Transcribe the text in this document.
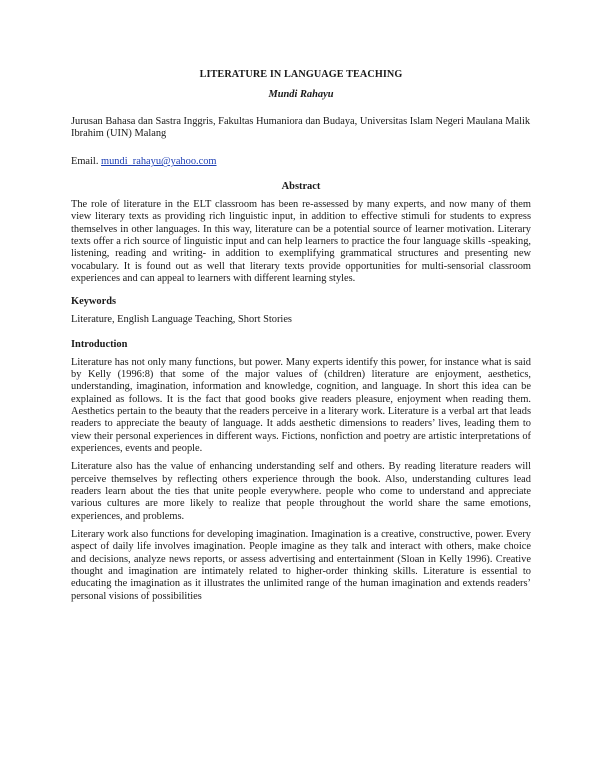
LITERATURE IN LANGUAGE TEACHING
Mundi Rahayu
Jurusan Bahasa dan Sastra Inggris, Fakultas Humaniora dan Budaya, Universitas Islam Negeri Maulana Malik Ibrahim (UIN) Malang
Email. mundi_rahayu@yahoo.com
Abstract

The role of literature in the ELT classroom has been re-assessed by many experts, and now many of them view literary texts as providing rich linguistic input, in addition to effective stimuli for students to express themselves in other languages. In this way, literature can be a potential source of learner motivation. Literary texts offer a rich source of linguistic input and can help learners to practice the four language skills -speaking, listening, reading and writing- in addition to exemplifying grammatical structures and presenting new vocabulary. It is found out as well that literary texts provide opportunities for multi-sensorial classroom experiences and can appeal to learners with different learning styles.

Keywords

Literature, English Language Teaching, Short Stories

Introduction

Literature has not only many functions, but power. Many experts identify this power, for instance what is said by Kelly (1996:8) that some of the major values of (children) literature are enjoyment, aesthetics, understanding, imagination, information and knowledge, cognition, and language. In short this idea can be explained as follows. It is the fact that good books give readers pleasure, enjoyment when reading them. Aesthetics pertain to the beauty that the readers perceive in a literary work. Literature is a verbal art that leads readers to appreciate the beauty of language. It adds aesthetic dimensions to readers’ lives, leading them to view their personal experiences in different ways. Fictions, nonfiction and poetry are artistic interpretations of experiences, events and people.

Literature also has the value of enhancing understanding self and others. By reading literature readers will perceive themselves by reflecting others experience through the book. Also, understanding cultures lead readers learn about the ties that unite people everywhere. people who come to understand and appreciate various cultures are more likely to realize that people throughout the world share the same emotions, experiences, and problems.

Literary work also functions for developing imagination. Imagination is a creative, constructive, power. Every aspect of daily life involves imagination. People imagine as they talk and interact with others, make choice and decisions, analyze news reports, or assess advertising and entertainment (Sloan in Kelly 1996). Creative thought and imagination are intimately related to higher-order thinking skills. Literature is essential to educating the imagination as it illustrates the unlimited range of the human imagination and extends readers’ personal visions of possibilities
